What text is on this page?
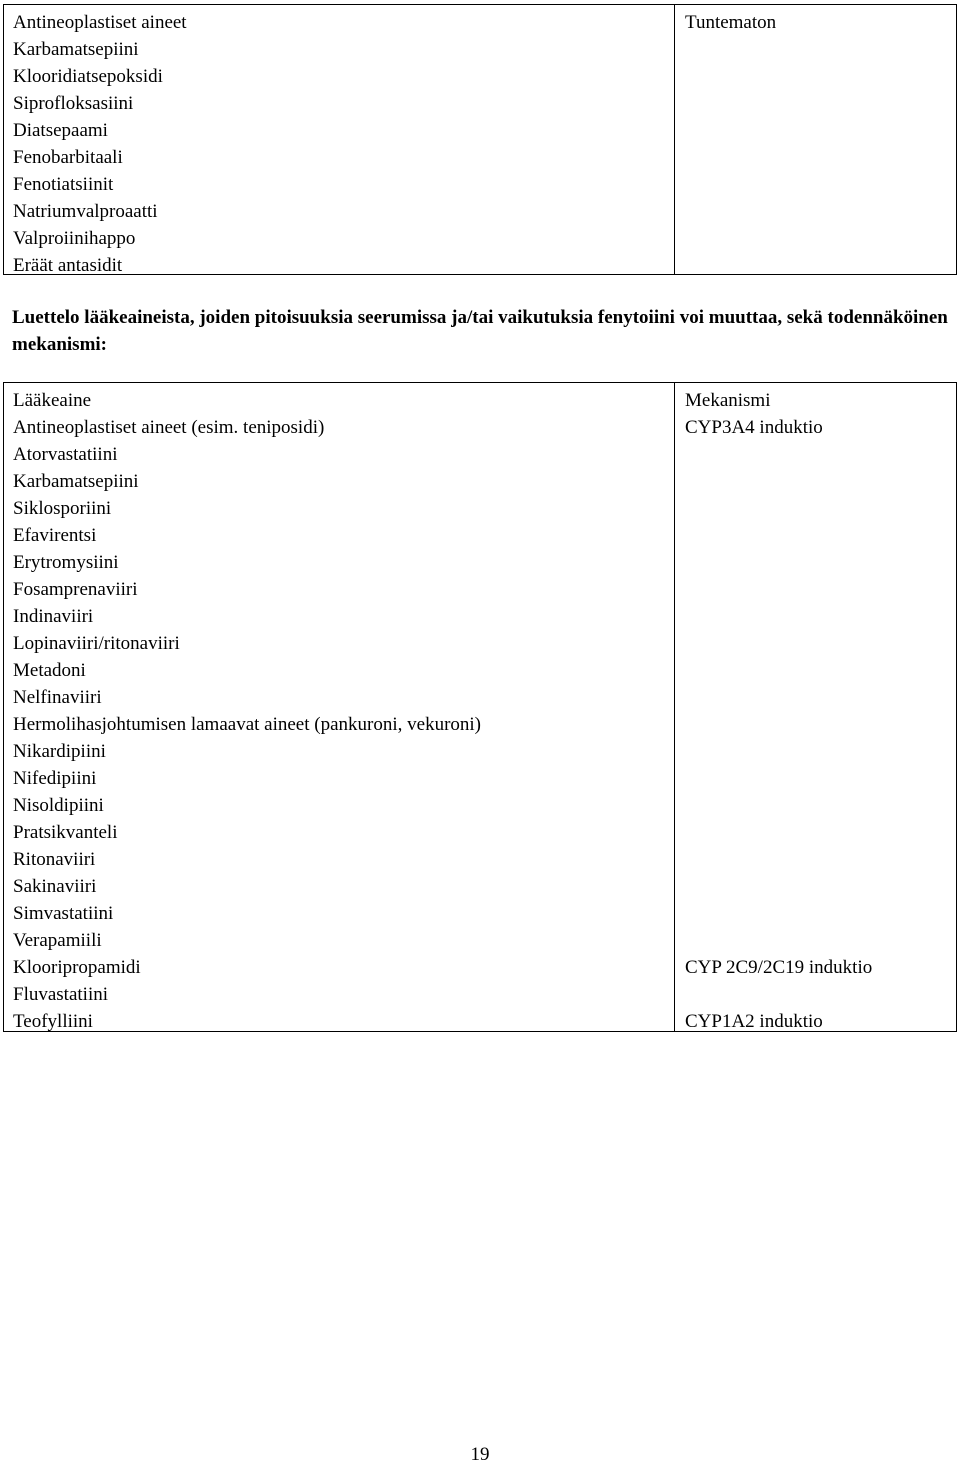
Antineoplastiset aineet
Karbamatsepiini
Klooridiatsepoksidi
Siprofloksasiini
Diatsepaami
Fenobarbitaali
Fenotiatsiinit
Natriumvalproaatti
Valproiinihappo
Eräät antasidit
Tuntematon
Luettelo lääkeaineista, joiden pitoisuuksia seerumissa ja/tai vaikutuksia fenytoiini voi muuttaa, sekä todennäköinen mekanismi:
Lääkeaine
Antineoplastiset aineet (esim. teniposidi)
Atorvastatiini
Karbamatsepiini
Siklosporiini
Efavirentsi
Erytromysiini
Fosamprenaviiri
Indinaviiri
Lopinaviiri/ritonaviiri
Metadoni
Nelfinaviiri
Hermolihasjohtumisen lamaavat aineet (pankuroni, vekuroni)
Nikardipiini
Nifedipiini
Nisoldipiini
Pratsikvanteli
Ritonaviiri
Sakinaviiri
Simvastatiini
Verapamiili
Klooripropamidi
Fluvastatiini
Teofylliini
Mekanismi
CYP3A4 induktio
CYP 2C9/2C19 induktio
CYP1A2 induktio
19
